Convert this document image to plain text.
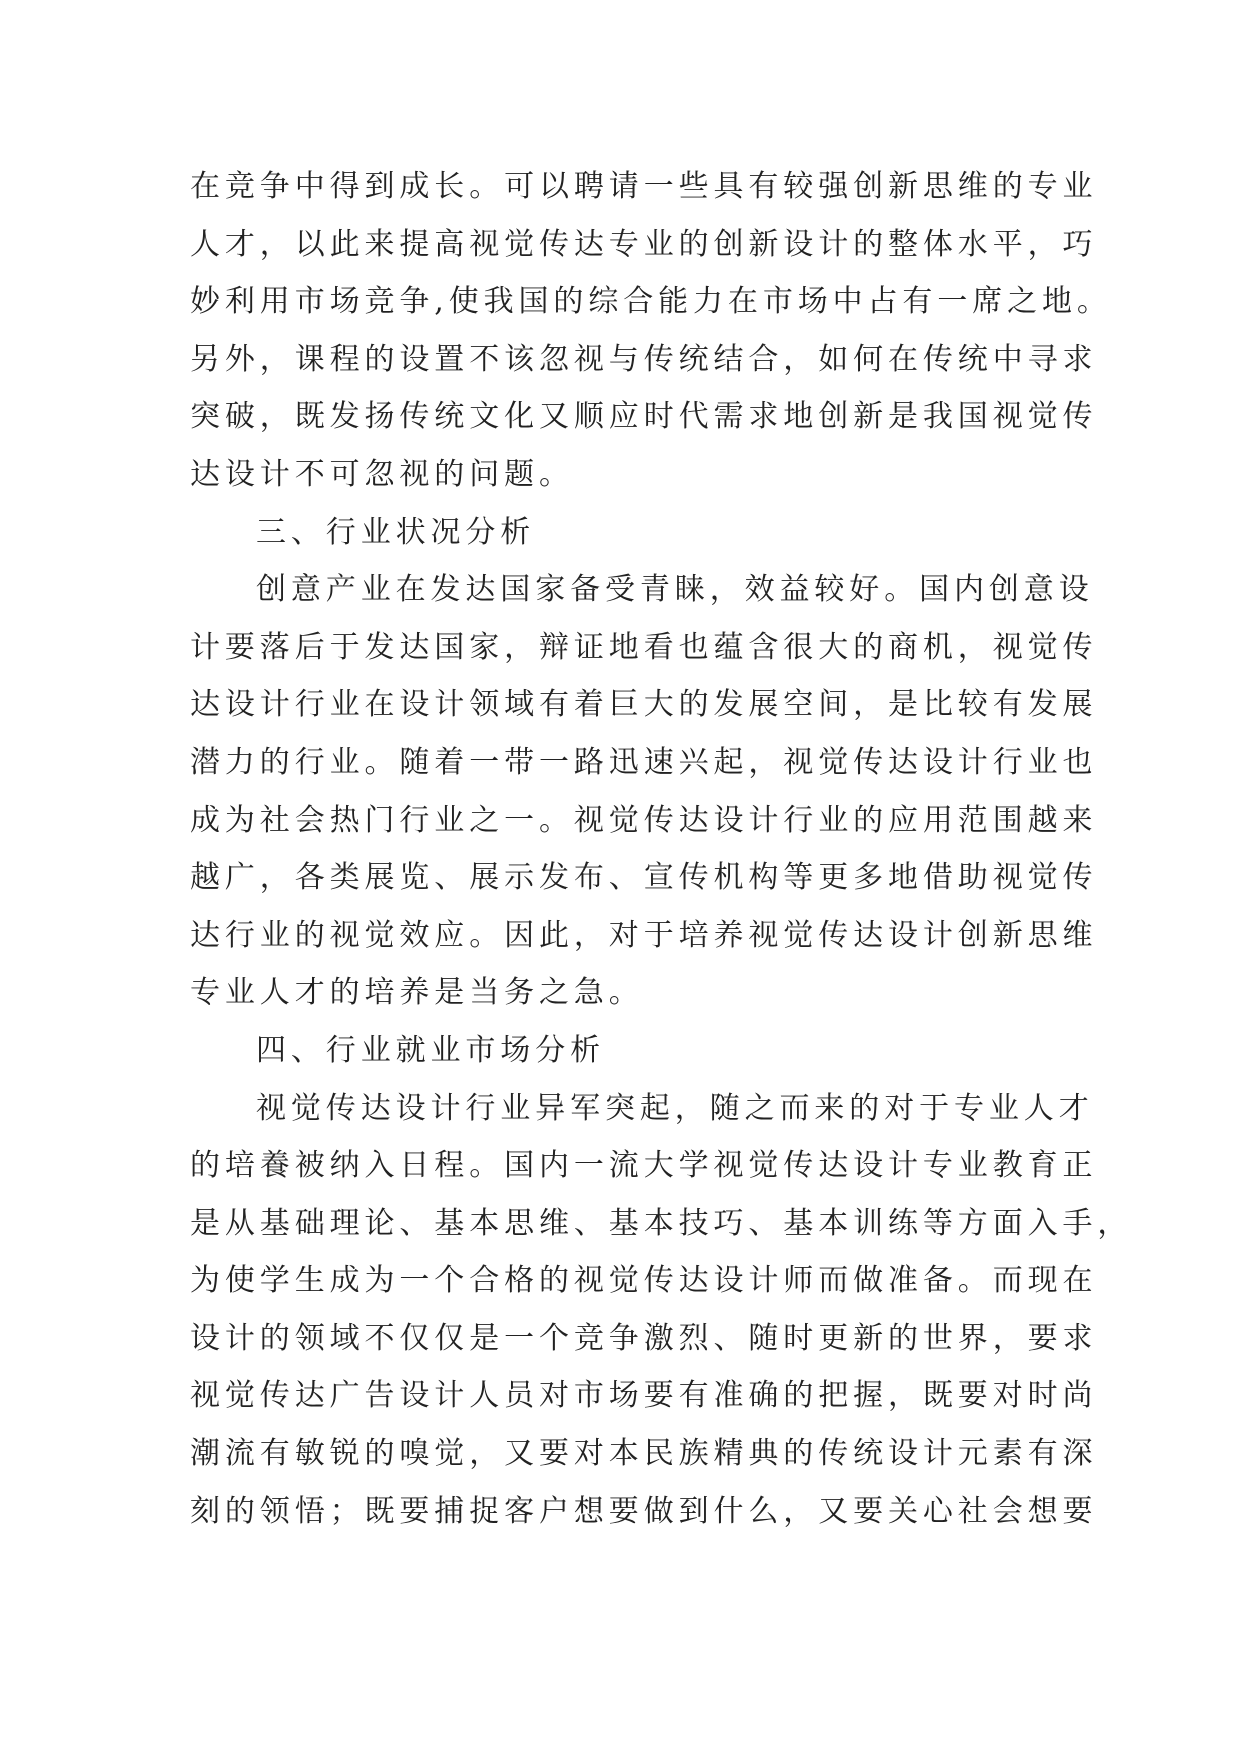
在竞争中得到成长。可以聘请一些具有较强创新思维的专业
人才，以此来提高视觉传达专业的创新设计的整体水平，巧
妙利用市场竞争,使我国的综合能力在市场中占有一席之地。
另外，课程的设置不该忽视与传统结合，如何在传统中寻求
突破，既发扬传统文化又顺应时代需求地创新是我国视觉传
达设计不可忽视的问题。
三、行业状况分析
创意产业在发达国家备受青睐，效益较好。国内创意设
计要落后于发达国家，辩证地看也蕴含很大的商机，视觉传
达设计行业在设计领域有着巨大的发展空间，是比较有发展
潜力的行业。随着一带一路迅速兴起，视觉传达设计行业也
成为社会热门行业之一。视觉传达设计行业的应用范围越来
越广，各类展览、展示发布、宣传机构等更多地借助视觉传
达行业的视觉效应。因此，对于培养视觉传达设计创新思维
专业人才的培养是当务之急。
四、行业就业市场分析
视觉传达设计行业异军突起，随之而来的对于专业人才
的培養被纳入日程。国内一流大学视觉传达设计专业教育正
是从基础理论、基本思维、基本技巧、基本训练等方面入手，
为使学生成为一个合格的视觉传达设计师而做准备。而现在
设计的领域不仅仅是一个竞争激烈、随时更新的世界，要求
视觉传达广告设计人员对市场要有准确的把握，既要对时尚
潮流有敏锐的嗅觉，又要对本民族精典的传统设计元素有深
刻的领悟；既要捕捉客户想要做到什么，又要关心社会想要
